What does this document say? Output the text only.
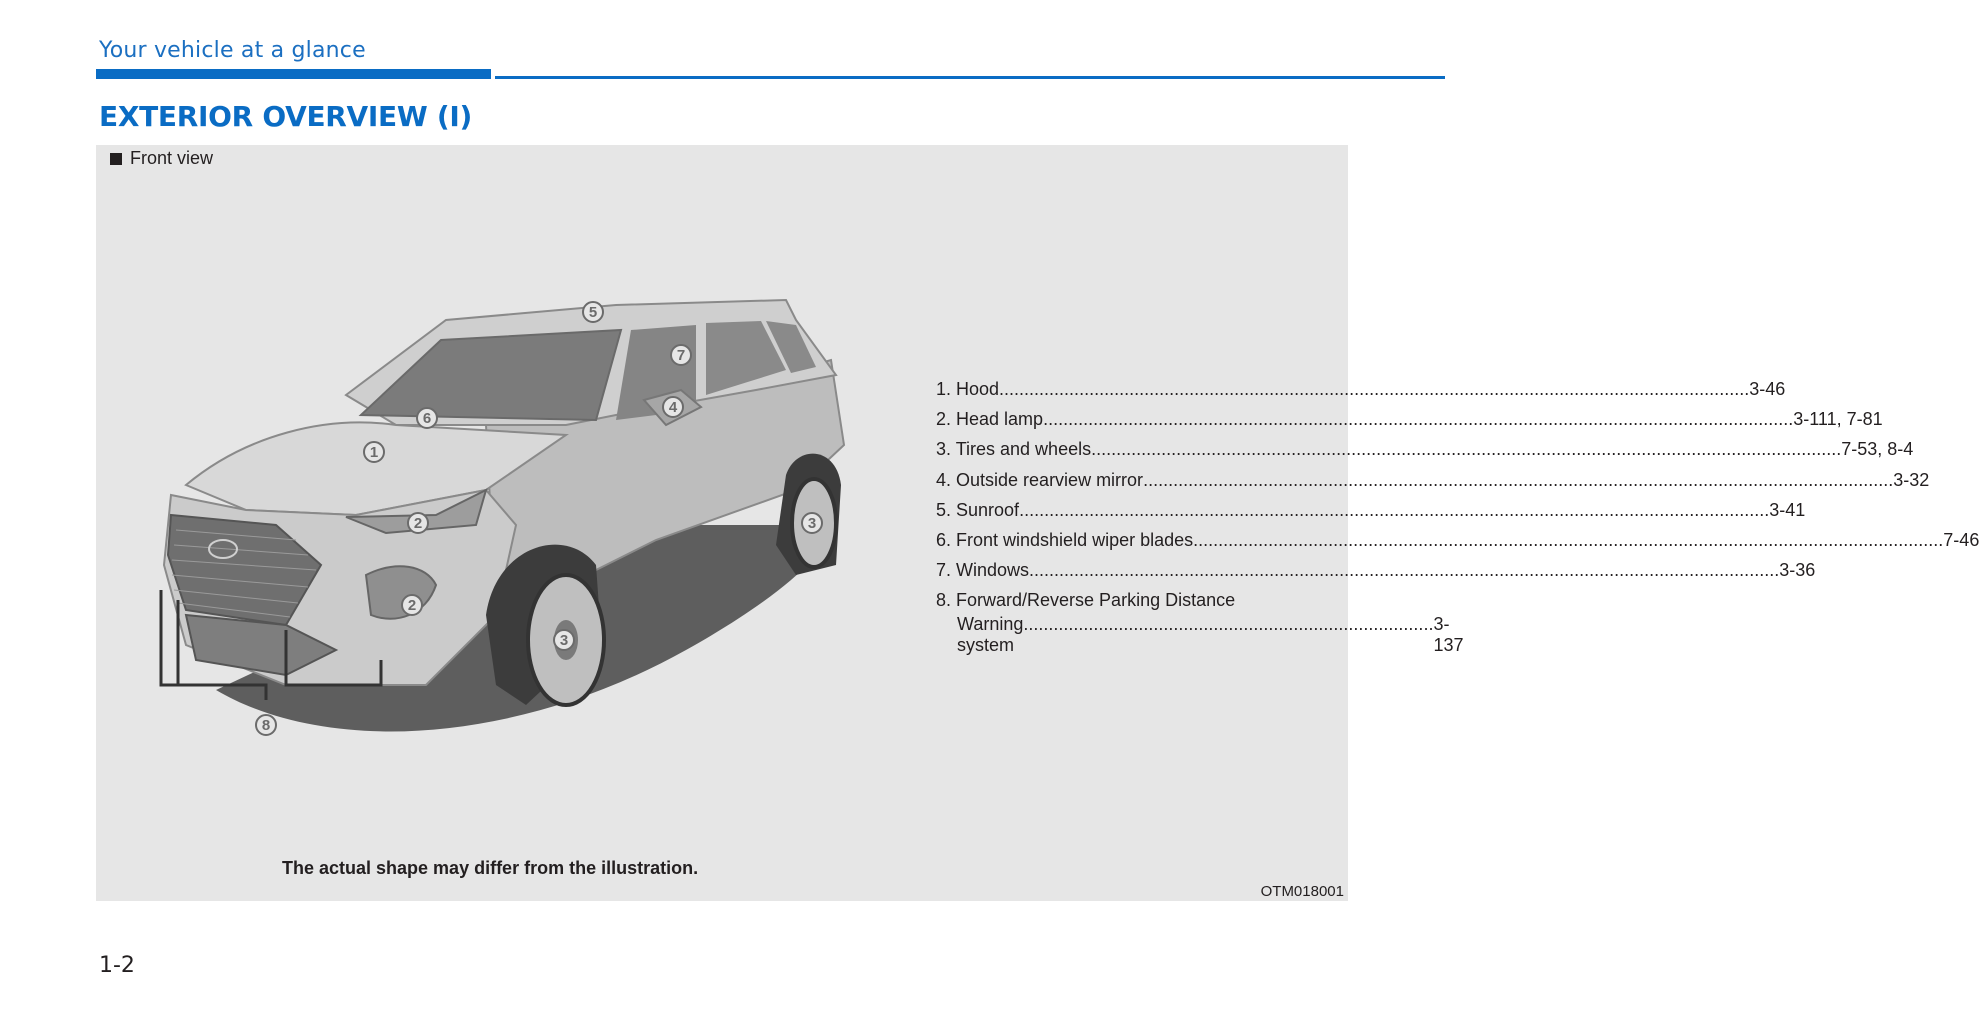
Your vehicle at a glance
EXTERIOR OVERVIEW (I)
Front view
1
2
2
3
3
4
5
6
7
8
1. Hood .....	3-46
2. Head lamp .....	3-111, 7-81
3. Tires and wheels .....	7-53, 8-4
4. Outside rearview mirror .....	3-32
5. Sunroof .....	3-41
6. Front windshield wiper blades .....	7-46
7. Windows .....	3-36
8. Forward/Reverse Parking Distance
Warning system
.................................................................................. 3-137
The actual shape may differ from the illustration.
OTM018001
1-2
